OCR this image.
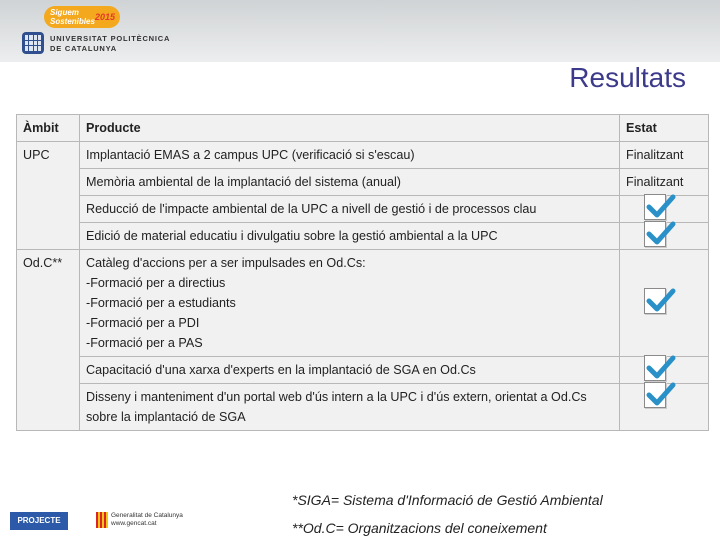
Siguem
Sostenibles 2015
UNIVERSITAT POLITÈCNICA
DE CATALUNYA
Resultats
Àmbit	Producte	Estat

UPC	Implantació EMAS a 2 campus UPC (verificació si s'escau)	Finalitzant

	Memòria ambiental de la implantació del sistema (anual)	Finalitzant

	Reducció de l'impacte ambiental de la UPC a nivell de gestió i de processos clau	

	Edició de material educatiu i divulgatiu sobre la gestió ambiental a la UPC	

Od.C**	Catàleg d'accions per a ser impulsades en Od.Cs:
-Formació per a directius
-Formació per a estudiants
-Formació per a PDI
-Formació per a PAS	

	Capacitació d'una xarxa d'experts en la implantació de SGA en Od.Cs	

	Disseny i manteniment d'un portal web d'ús intern a la UPC i d'ús extern, orientat a Od.Cs sobre la implantació de SGA	
*SIGA= Sistema d'Informació de Gestió Ambiental
**Od.C= Organitzacions del coneixement
PROJECTE EMAS
Generalitat de Catalunya
www.gencat.cat
